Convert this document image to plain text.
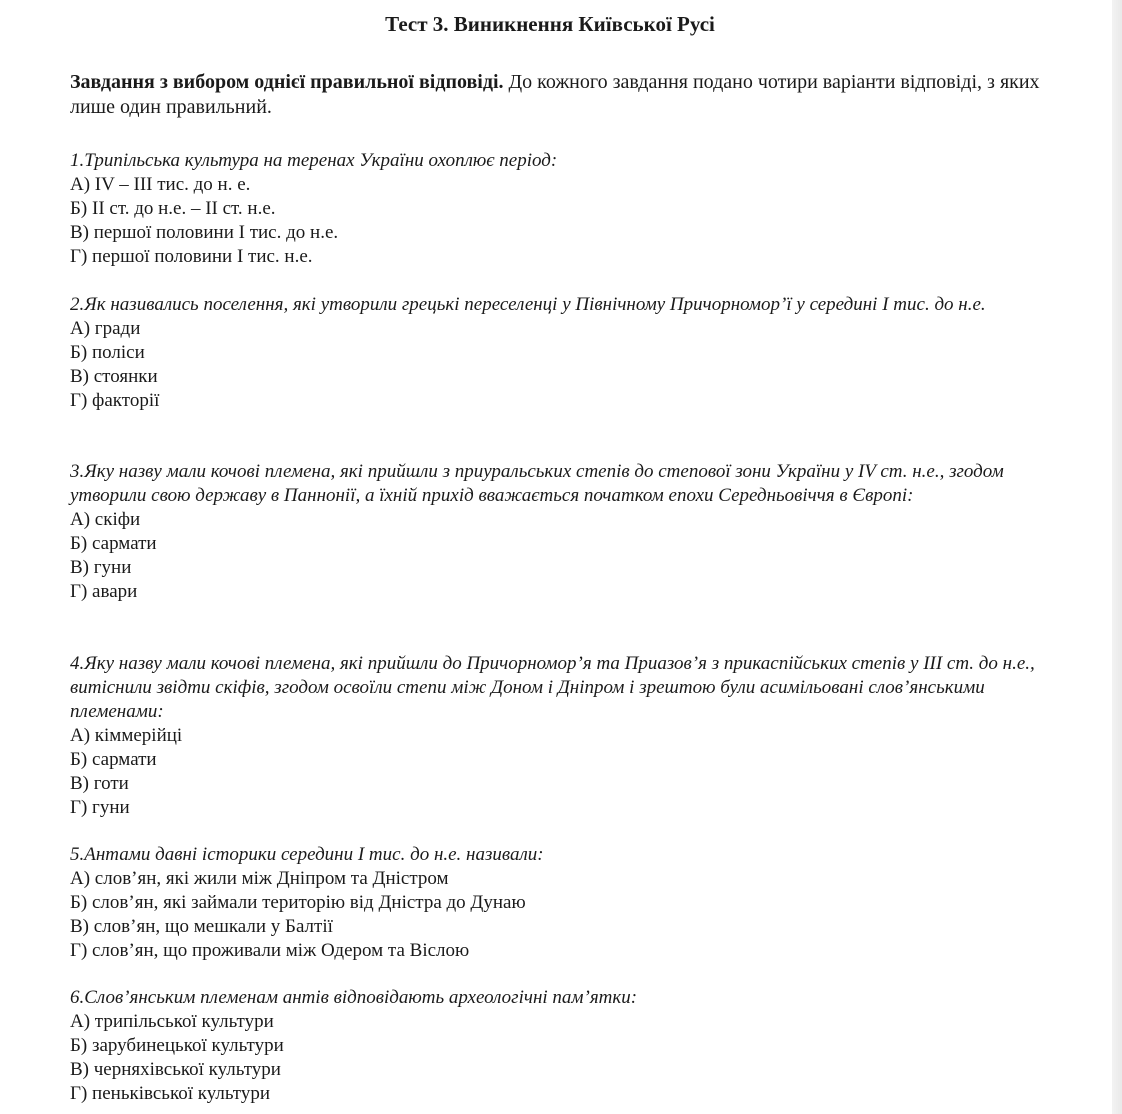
Тест 3. Виникнення Київської Русі

Завдання з вибором однієї правильної відповіді. До кожного завдання подано чотири варіанти відповіді, з яких лише один правильний.

1.Трипільська культура на теренах України охоплює період:

А) IV – III тис. до н. е.

Б) II ст. до н.е. – II ст. н.е.

В) першої половини I тис. до н.е.

Г) першої половини I тис. н.е.

2.Як називались поселення, які утворили грецькі переселенці у Північному Причорномор’ї у середині I тис. до н.е.

А) гради

Б) поліси

В) стоянки

Г) факторії

3.Яку назву мали кочові племена, які прийшли з приуральських степів до степової зони України у IV ст. н.е., згодом утворили свою державу в Паннонії, а їхній прихід вважається початком епохи Середньовіччя в Європі:

А) скіфи

Б) сармати

В) гуни

Г) авари

4.Яку назву мали кочові племена, які прийшли до Причорномор’я та Приазов’я з прикаспійських степів у III ст. до н.е., витіснили звідти скіфів, згодом освоїли степи між Доном і Дніпром і зрештою були асимільовані слов’янськими племенами:

А) кіммерійці

Б) сармати

В) готи

Г) гуни

5.Антами давні історики середини I тис. до н.е. називали:

А) слов’ян, які жили між Дніпром та Дністром

Б) слов’ян, які займали територію від Дністра до Дунаю

В) слов’ян, що мешкали у Балтії

Г) слов’ян, що проживали між Одером та Віслою

6.Слов’янським племенам антів відповідають археологічні пам’ятки:

А) трипільської культури

Б) зарубинецької культури

В) черняхівської культури

Г) пеньківської культури
